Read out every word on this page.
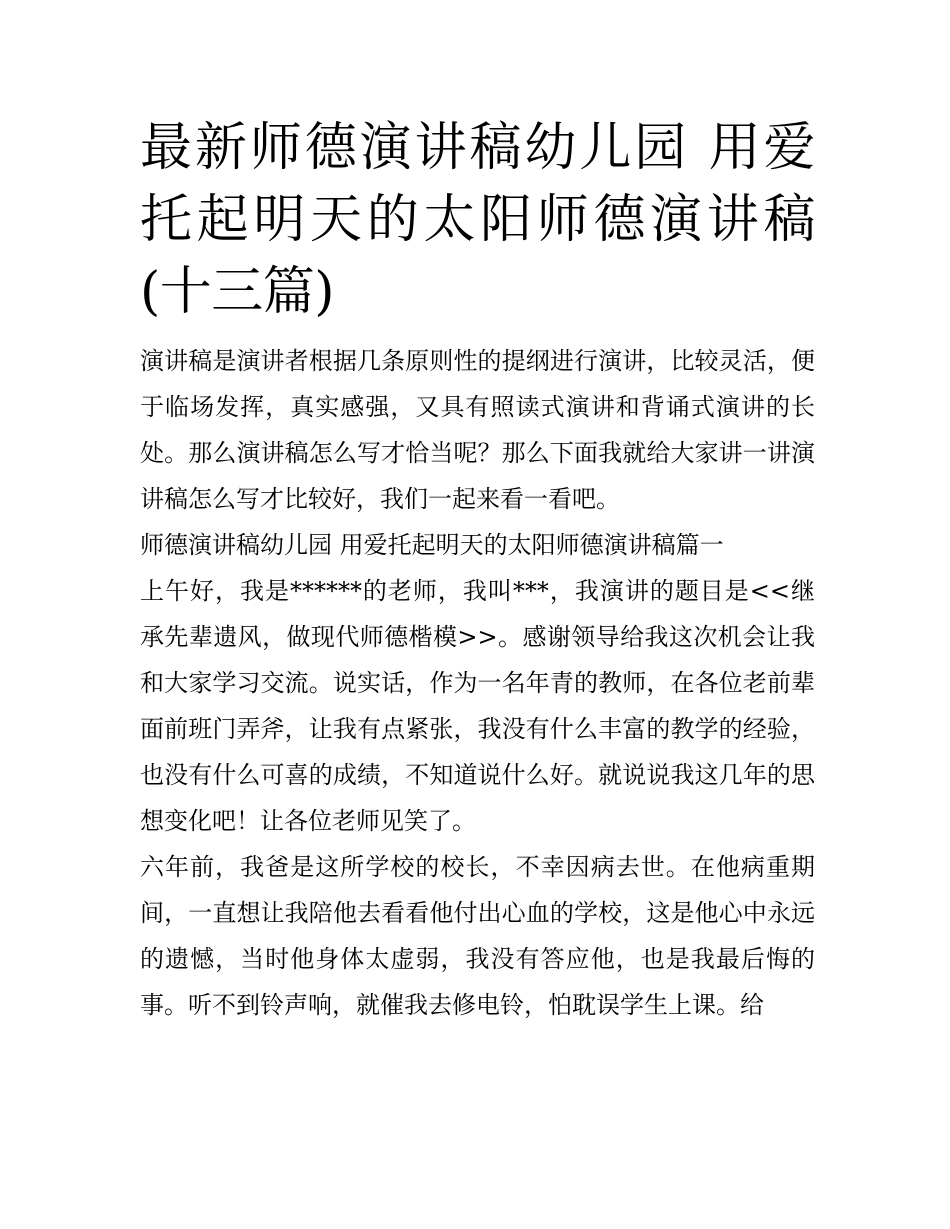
最新师德演讲稿幼儿园 用爱托起明天的太阳师德演讲稿(十三篇)

演讲稿是演讲者根据几条原则性的提纲进行演讲，比较灵活，便于临场发挥，真实感强，又具有照读式演讲和背诵式演讲的长处。那么演讲稿怎么写才恰当呢？那么下面我就给大家讲一讲演讲稿怎么写才比较好，我们一起来看一看吧。

师德演讲稿幼儿园 用爱托起明天的太阳师德演讲稿篇一

上午好，我是******的老师，我叫***，我演讲的题目是<<继承先辈遗风，做现代师德楷模>>。感谢领导给我这次机会让我和大家学习交流。说实话，作为一名年青的教师，在各位老前辈面前班门弄斧，让我有点紧张，我没有什么丰富的教学的经验，也没有什么可喜的成绩，不知道说什么好。就说说我这几年的思想变化吧！让各位老师见笑了。

六年前，我爸是这所学校的校长，不幸因病去世。在他病重期间，一直想让我陪他去看看他付出心血的学校，这是他心中永远的遗憾，当时他身体太虚弱，我没有答应他，也是我最后悔的事。听不到铃声响，就催我去修电铃，怕耽误学生上课。给
